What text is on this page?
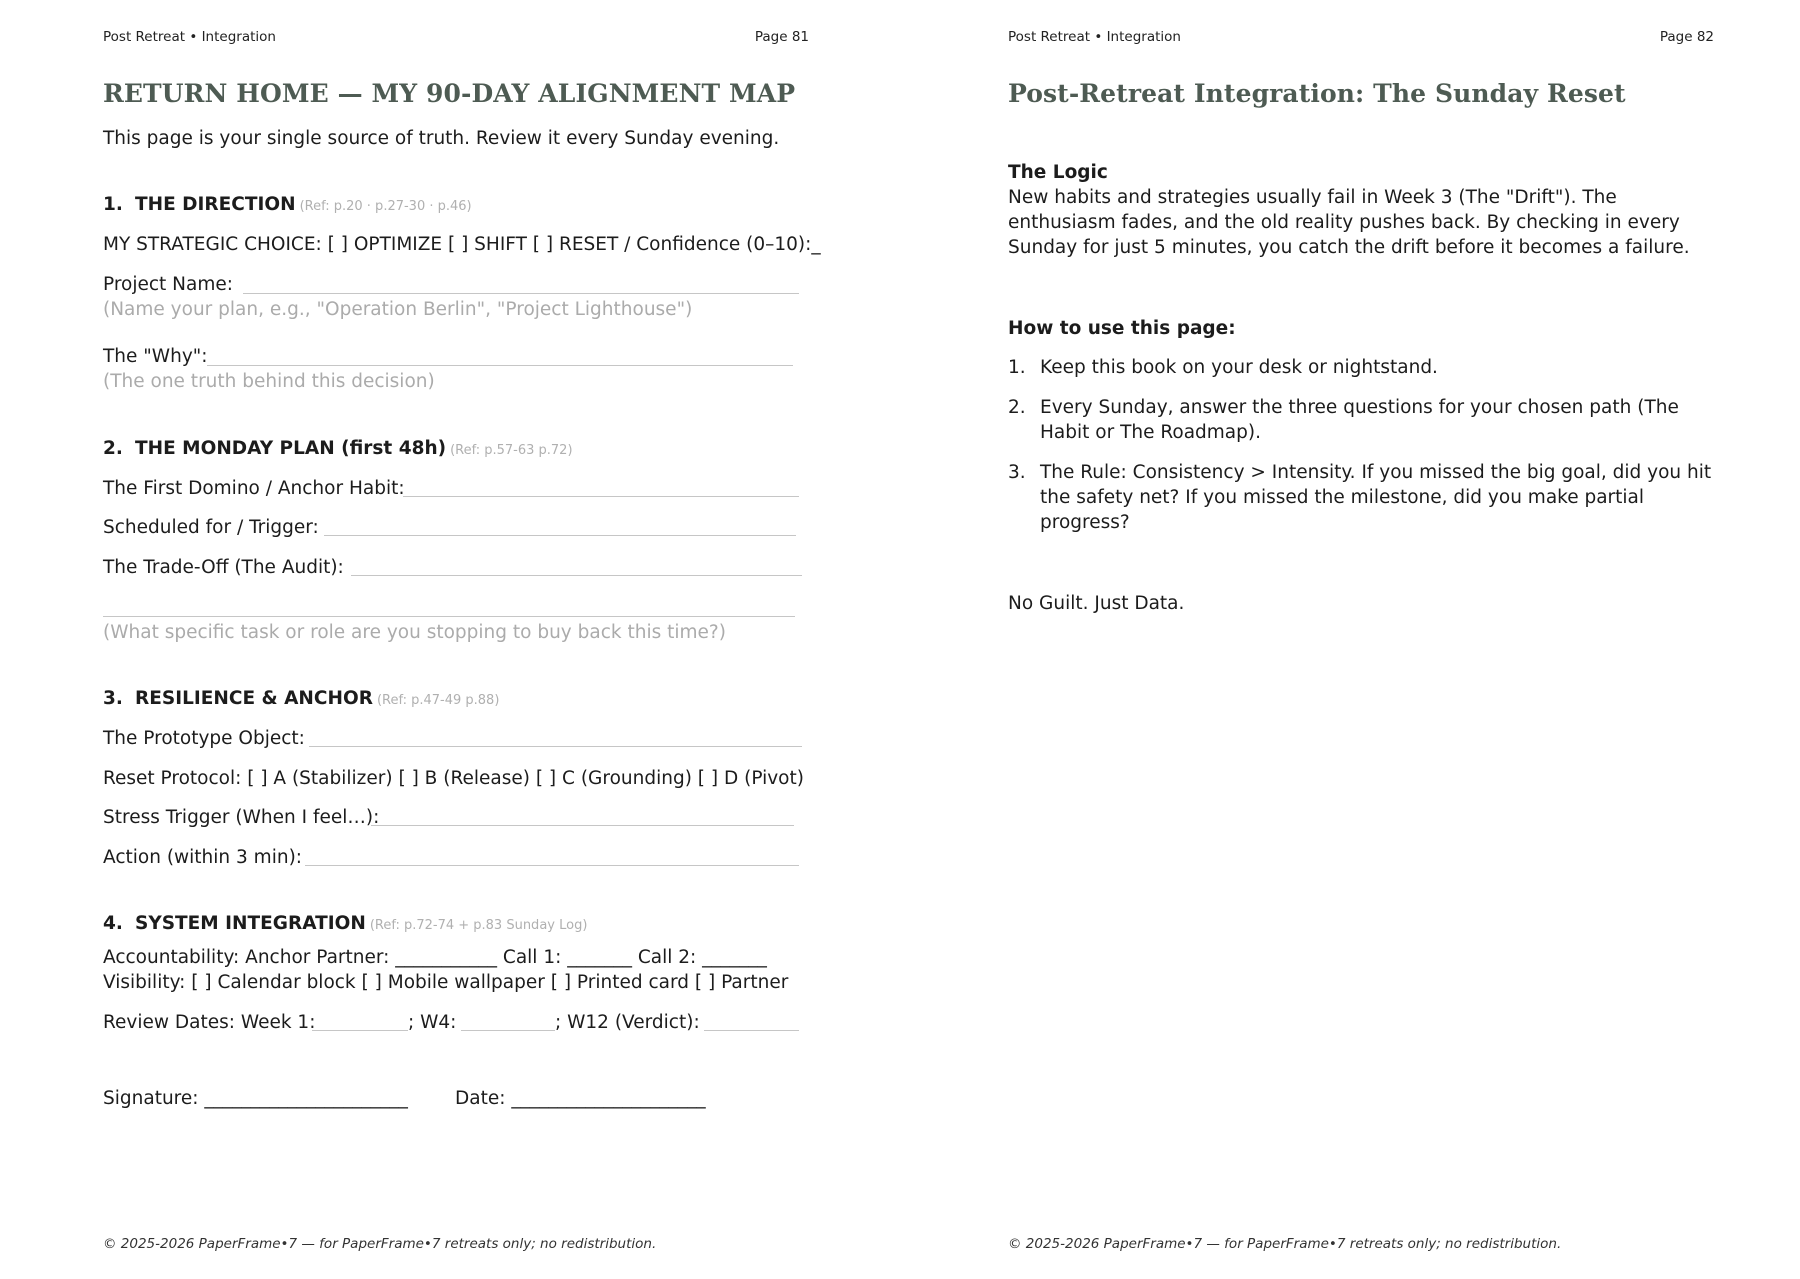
Post Retreat • Integration	Page 81
RETURN HOME — MY 90-DAY ALIGNMENT MAP
This page is your single source of truth. Review it every Sunday evening.
1. THE DIRECTION (Ref: p.20 · p.27-30 · p.46)
MY STRATEGIC CHOICE: [ ] OPTIMIZE [ ] SHIFT [ ] RESET / Confidence (0–10):_
Project Name:
(Name your plan, e.g., "Operation Berlin", "Project Lighthouse")
The "Why":
(The one truth behind this decision)
2. THE MONDAY PLAN (first 48h) (Ref: p.57-63 p.72)
The First Domino / Anchor Habit:
Scheduled for / Trigger:
The Trade-Off (The Audit):
(What specific task or role are you stopping to buy back this time?)
3. RESILIENCE & ANCHOR (Ref: p.47-49 p.88)
The Prototype Object:
Reset Protocol: [ ] A (Stabilizer) [ ] B (Release) [ ] C (Grounding) [ ] D (Pivot)
Stress Trigger (When I feel…):
Action (within 3 min):
4. SYSTEM INTEGRATION (Ref: p.72-74 + p.83 Sunday Log)
Accountability: Anchor Partner: ___________ Call 1: _______ Call 2: _______
Visibility: [ ] Calendar block [ ] Mobile wallpaper [ ] Printed card [ ] Partner
Review Dates: Week 1:	; W4:	; W12 (Verdict):
Signature: ______________________	Date: _____________________
© 2025-2026 PaperFrame•7 — for PaperFrame•7 retreats only; no redistribution.
Post Retreat • Integration	Page 82
Post-Retreat Integration: The Sunday Reset
The Logic

New habits and strategies usually fail in Week 3 (The "Drift"). The enthusiasm fades, and the old reality pushes back. By checking in every Sunday for just 5 minutes, you catch the drift before it becomes a failure.

How to use this page:
1. Keep this book on your desk or nightstand.
2. Every Sunday, answer the three questions for your chosen path (The Habit or The Roadmap).
3. The Rule: Consistency > Intensity. If you missed the big goal, did you hit the safety net? If you missed the milestone, did you make partial progress?
No Guilt. Just Data.
© 2025-2026 PaperFrame•7 — for PaperFrame•7 retreats only; no redistribution.
